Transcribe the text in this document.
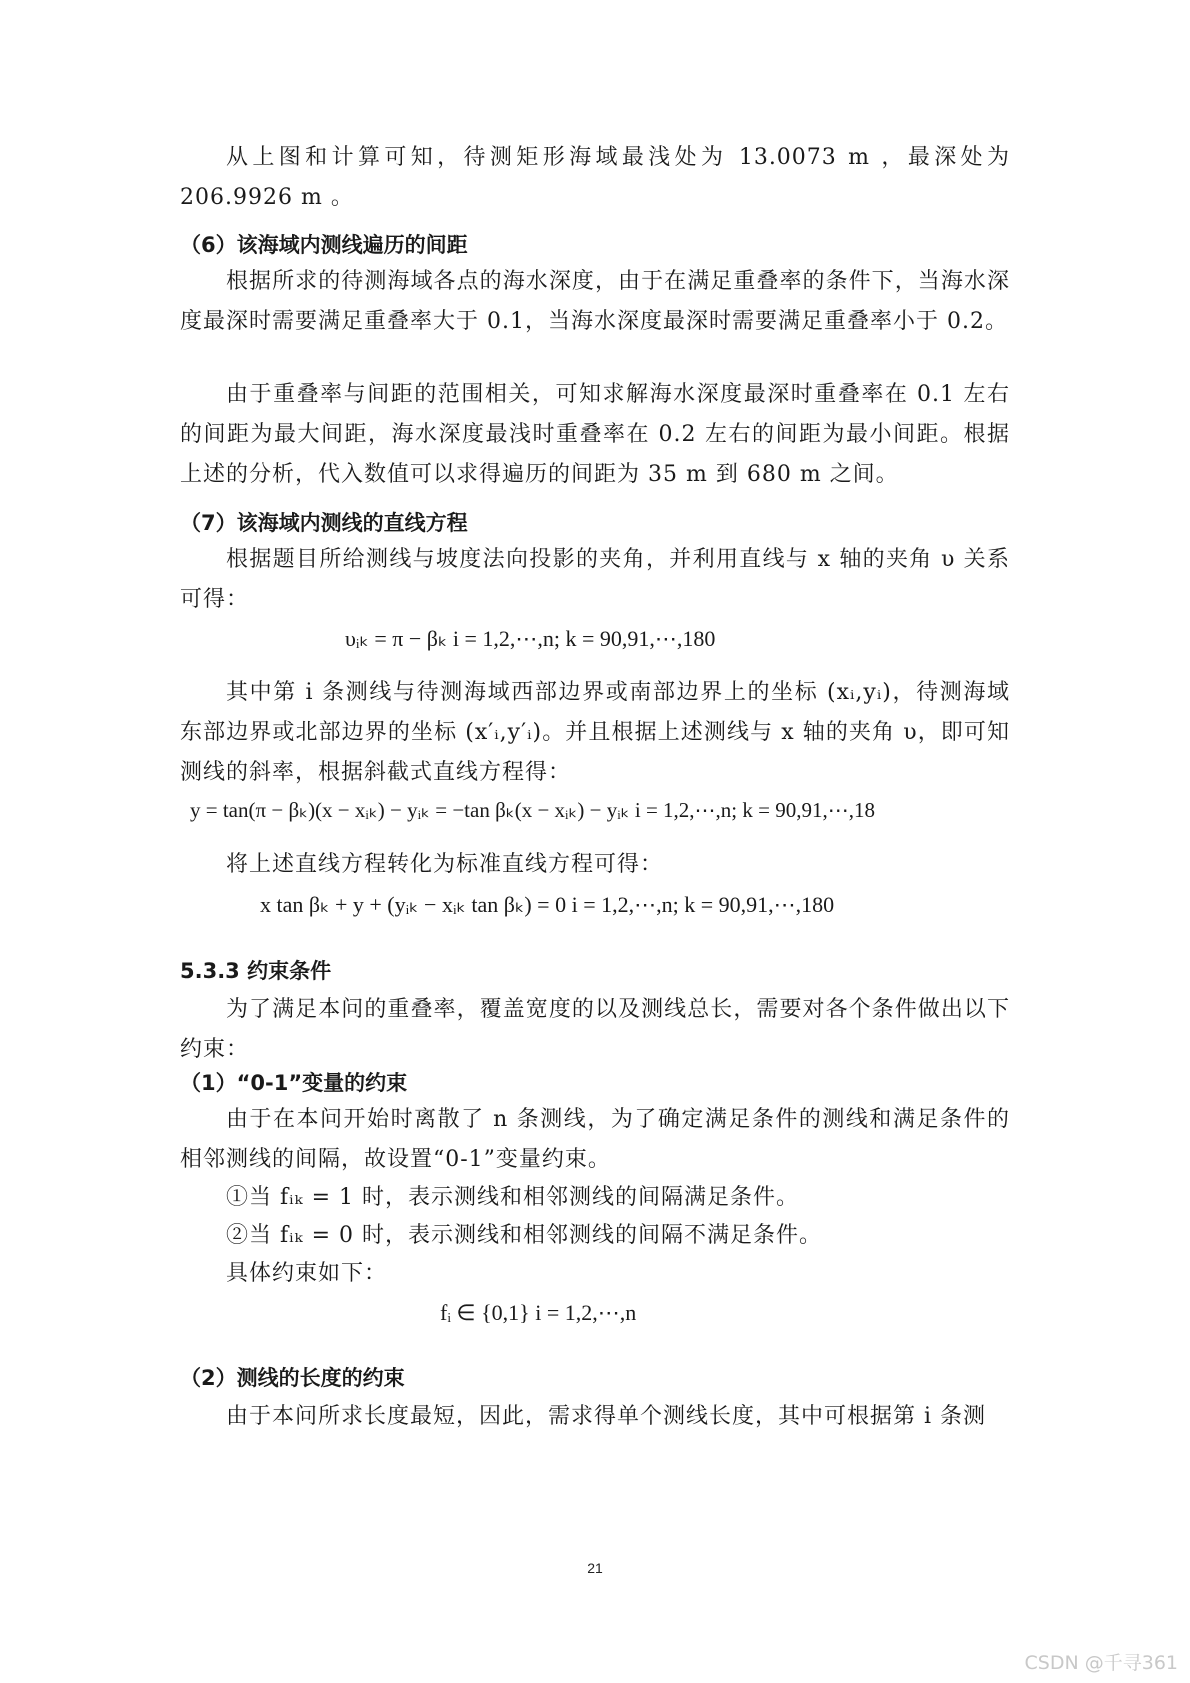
从上图和计算可知，待测矩形海域最浅处为 13.0073 m ，最深处为 206.9926 m 。

（6）该海域内测线遍历的间距

根据所求的待测海域各点的海水深度，由于在满足重叠率的条件下，当海水深度最深时需要满足重叠率大于 0.1，当海水深度最深时需要满足重叠率小于 0.2。

由于重叠率与间距的范围相关，可知求解海水深度最深时重叠率在 0.1 左右的间距为最大间距，海水深度最浅时重叠率在 0.2 左右的间距为最小间距。根据上述的分析，代入数值可以求得遍历的间距为 35 m 到 680 m 之间。

（7）该海域内测线的直线方程

根据题目所给测线与坡度法向投影的夹角，并利用直线与 x 轴的夹角 υ 关系可得：

υᵢₖ = π − βₖ i = 1,2,⋯,n; k = 90,91,⋯,180

其中第 i 条测线与待测海域西部边界或南部边界上的坐标 (xᵢ,yᵢ)，待测海域东部边界或北部边界的坐标 (x′ᵢ,y′ᵢ)。并且根据上述测线与 x 轴的夹角 υ，即可知测线的斜率，根据斜截式直线方程得：

y = tan(π − βₖ)(x − xᵢₖ) − yᵢₖ = −tan βₖ(x − xᵢₖ) − yᵢₖ i = 1,2,⋯,n; k = 90,91,⋯,18

将上述直线方程转化为标准直线方程可得：

x tan βₖ + y + (yᵢₖ − xᵢₖ tan βₖ) = 0 i = 1,2,⋯,n; k = 90,91,⋯,180
5.3.3 约束条件

为了满足本问的重叠率，覆盖宽度的以及测线总长，需要对各个条件做出以下约束：

（1）“0-1”变量的约束

由于在本问开始时离散了 n 条测线，为了确定满足条件的测线和满足条件的相邻测线的间隔，故设置“0-1”变量约束。

①当 fᵢₖ = 1 时，表示测线和相邻测线的间隔满足条件。

②当 fᵢₖ = 0 时，表示测线和相邻测线的间隔不满足条件。

具体约束如下：

fᵢ ∈ {0,1} i = 1,2,⋯,n
（2）测线的长度的约束

由于本问所求长度最短，因此，需求得单个测线长度，其中可根据第 i 条测

21
CSDN @千寻361
